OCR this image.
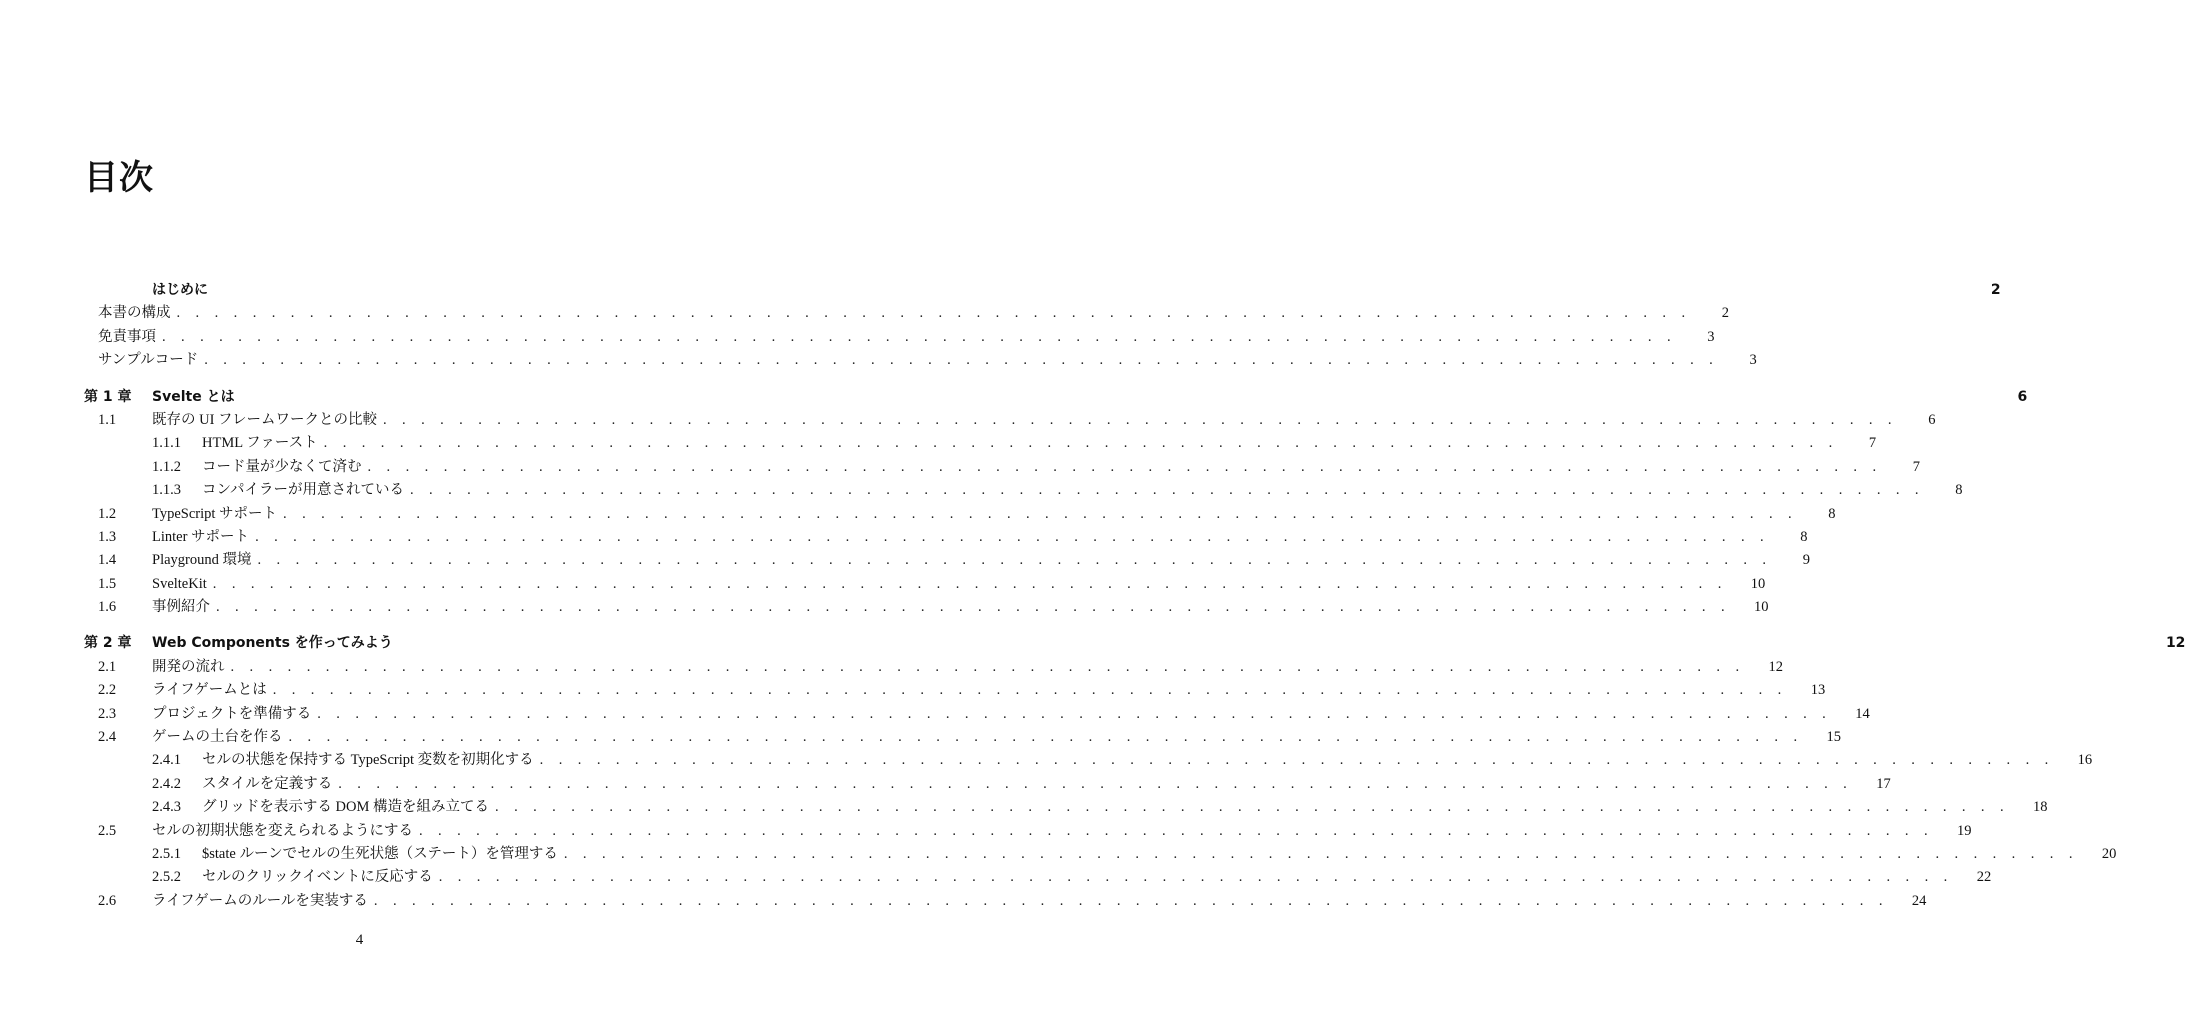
目次
はじめに	2
本書の構成 . . . . . . . . . . . . . . . . . . . . . . . . . . . . . . . . . . . . . . . . . . . . . . . . . . . . . . . . . . . . . . . . . . . . . . . . . . . . . . . .	2
免責事項 . . . . . . . . . . . . . . . . . . . . . . . . . . . . . . . . . . . . . . . . . . . . . . . . . . . . . . . . . . . . . . . . . . . . . . . . . . . . . . . .	3
サンプルコード . . . . . . . . . . . . . . . . . . . . . . . . . . . . . . . . . . . . . . . . . . . . . . . . . . . . . . . . . . . . . . . . . . . . . . . . . . . . . . . .	3
第 1 章	Svelte とは	6
1.1	既存の UI フレームワークとの比較 . . . . . . . . . . . . . . . . . . . . . . . . . . . . . . . . . . . . . . . . . . . . . . . . . . . . . . . . . . . . . . . . . . . . . . . . . . . . . . . .	6
1.1.1	HTML ファースト . . . . . . . . . . . . . . . . . . . . . . . . . . . . . . . . . . . . . . . . . . . . . . . . . . . . . . . . . . . . . . . . . . . . . . . . . . . . . . . .	7
1.1.2	コード量が少なくて済む . . . . . . . . . . . . . . . . . . . . . . . . . . . . . . . . . . . . . . . . . . . . . . . . . . . . . . . . . . . . . . . . . . . . . . . . . . . . . . . .	7
1.1.3	コンパイラーが用意されている . . . . . . . . . . . . . . . . . . . . . . . . . . . . . . . . . . . . . . . . . . . . . . . . . . . . . . . . . . . . . . . . . . . . . . . . . . . . . . . .	8
1.2	TypeScript サポート . . . . . . . . . . . . . . . . . . . . . . . . . . . . . . . . . . . . . . . . . . . . . . . . . . . . . . . . . . . . . . . . . . . . . . . . . . . . . . . .	8
1.3	Linter サポート . . . . . . . . . . . . . . . . . . . . . . . . . . . . . . . . . . . . . . . . . . . . . . . . . . . . . . . . . . . . . . . . . . . . . . . . . . . . . . . .	8
1.4	Playground 環境 . . . . . . . . . . . . . . . . . . . . . . . . . . . . . . . . . . . . . . . . . . . . . . . . . . . . . . . . . . . . . . . . . . . . . . . . . . . . . . . .	9
1.5	SvelteKit . . . . . . . . . . . . . . . . . . . . . . . . . . . . . . . . . . . . . . . . . . . . . . . . . . . . . . . . . . . . . . . . . . . . . . . . . . . . . . . .	10
1.6	事例紹介 . . . . . . . . . . . . . . . . . . . . . . . . . . . . . . . . . . . . . . . . . . . . . . . . . . . . . . . . . . . . . . . . . . . . . . . . . . . . . . . .	10
第 2 章	Web Components を作ってみよう	12
2.1	開発の流れ . . . . . . . . . . . . . . . . . . . . . . . . . . . . . . . . . . . . . . . . . . . . . . . . . . . . . . . . . . . . . . . . . . . . . . . . . . . . . . . .	12
2.2	ライフゲームとは . . . . . . . . . . . . . . . . . . . . . . . . . . . . . . . . . . . . . . . . . . . . . . . . . . . . . . . . . . . . . . . . . . . . . . . . . . . . . . . .	13
2.3	プロジェクトを準備する . . . . . . . . . . . . . . . . . . . . . . . . . . . . . . . . . . . . . . . . . . . . . . . . . . . . . . . . . . . . . . . . . . . . . . . . . . . . . . . .	14
2.4	ゲームの土台を作る . . . . . . . . . . . . . . . . . . . . . . . . . . . . . . . . . . . . . . . . . . . . . . . . . . . . . . . . . . . . . . . . . . . . . . . . . . . . . . . .	15
2.4.1	セルの状態を保持する TypeScript 変数を初期化する . . . . . . . . . . . . . . . . . . . . . . . . . . . . . . . . . . . . . . . . . . . . . . . . . . . . . . . . . . . . . . . . . . . . . . . . . . . . . . . .	16
2.4.2	スタイルを定義する . . . . . . . . . . . . . . . . . . . . . . . . . . . . . . . . . . . . . . . . . . . . . . . . . . . . . . . . . . . . . . . . . . . . . . . . . . . . . . . .	17
2.4.3	グリッドを表示する DOM 構造を組み立てる . . . . . . . . . . . . . . . . . . . . . . . . . . . . . . . . . . . . . . . . . . . . . . . . . . . . . . . . . . . . . . . . . . . . . . . . . . . . . . . .	18
2.5	セルの初期状態を変えられるようにする . . . . . . . . . . . . . . . . . . . . . . . . . . . . . . . . . . . . . . . . . . . . . . . . . . . . . . . . . . . . . . . . . . . . . . . . . . . . . . . .	19
2.5.1	$state ルーンでセルの生死状態（ステート）を管理する . . . . . . . . . . . . . . . . . . . . . . . . . . . . . . . . . . . . . . . . . . . . . . . . . . . . . . . . . . . . . . . . . . . . . . . . . . . . . . . .	20
2.5.2	セルのクリックイベントに反応する . . . . . . . . . . . . . . . . . . . . . . . . . . . . . . . . . . . . . . . . . . . . . . . . . . . . . . . . . . . . . . . . . . . . . . . . . . . . . . . .	22
2.6	ライフゲームのルールを実装する . . . . . . . . . . . . . . . . . . . . . . . . . . . . . . . . . . . . . . . . . . . . . . . . . . . . . . . . . . . . . . . . . . . . . . . . . . . . . . . .	24
4
